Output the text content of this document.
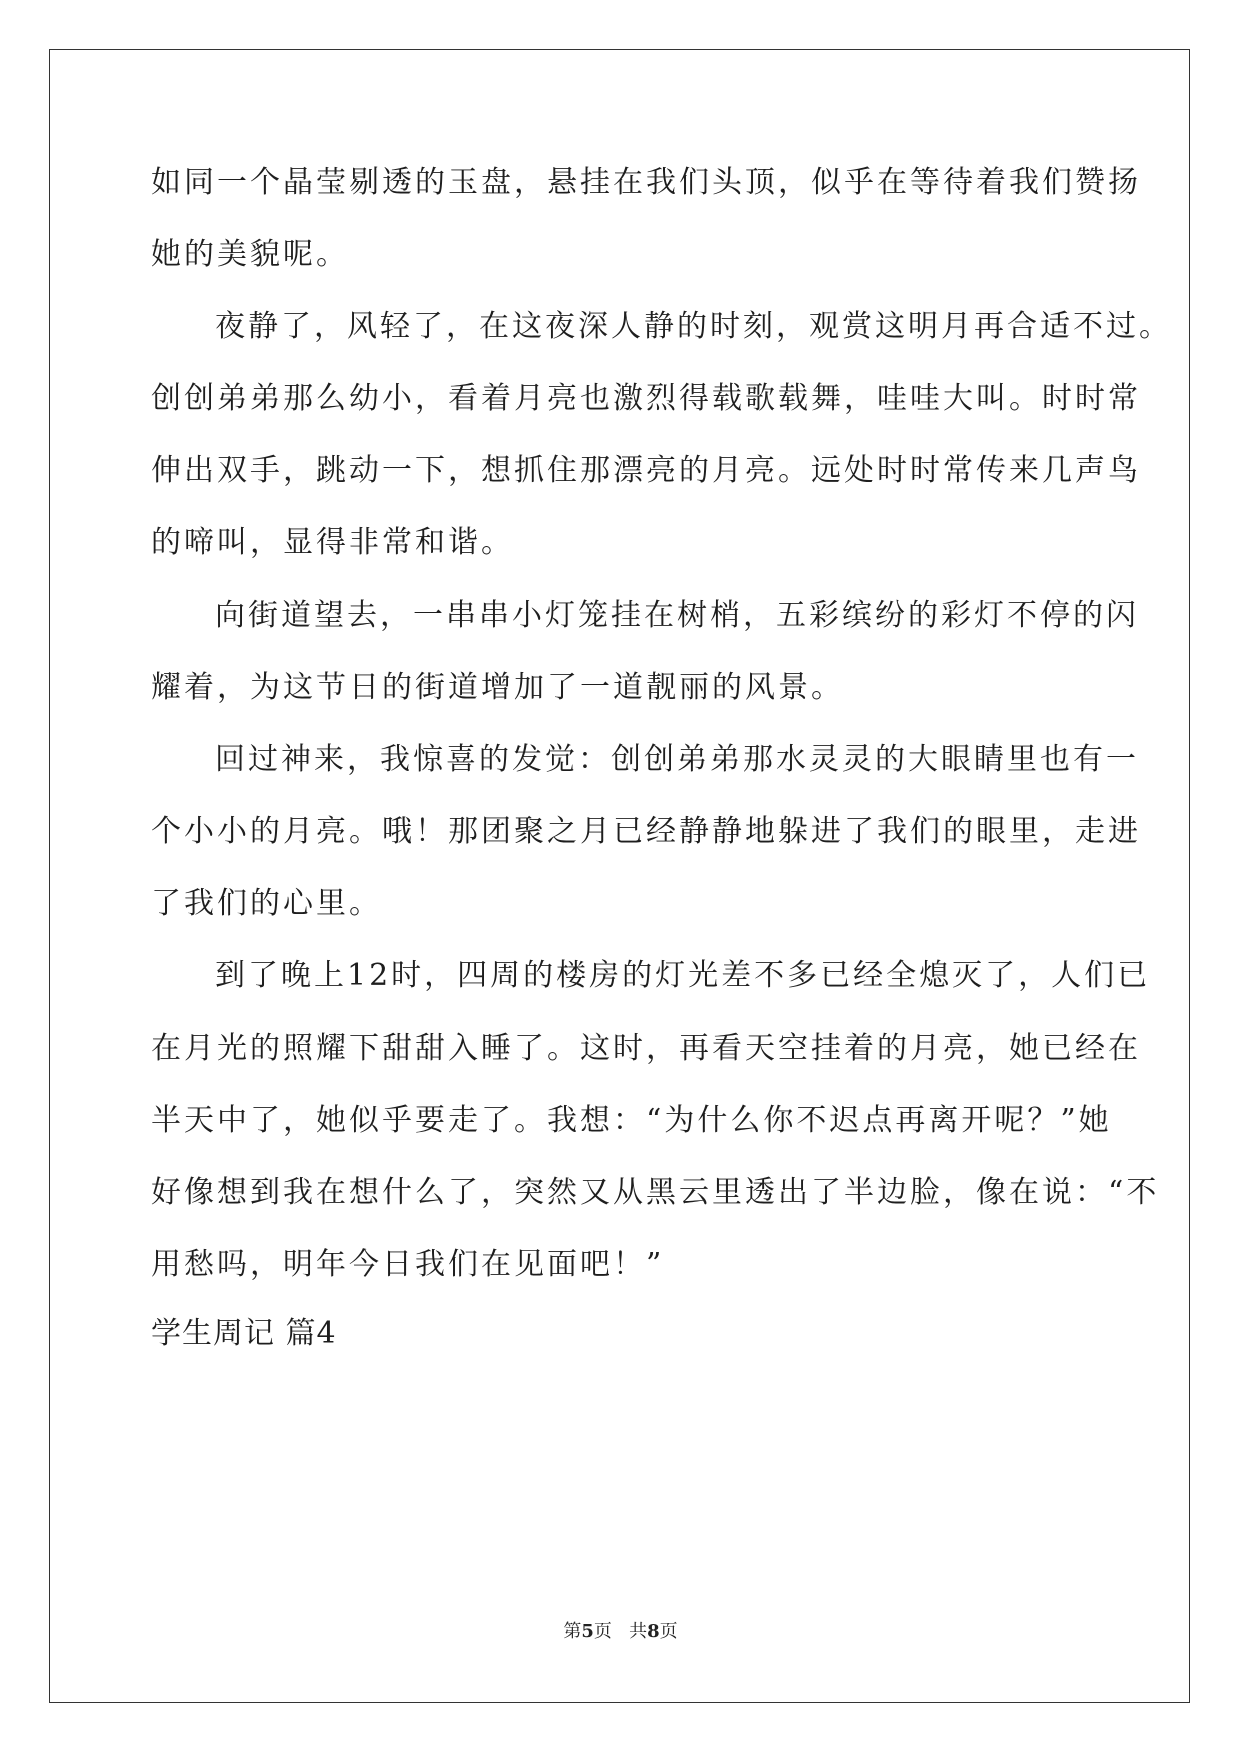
如同一个晶莹剔透的玉盘，悬挂在我们头顶，似乎在等待着我们赞扬
她的美貌呢。
夜静了，风轻了，在这夜深人静的时刻，观赏这明月再合适不过。
创创弟弟那么幼小，看着月亮也激烈得载歌载舞，哇哇大叫。时时常
伸出双手，跳动一下，想抓住那漂亮的月亮。远处时时常传来几声鸟
的啼叫，显得非常和谐。
向街道望去，一串串小灯笼挂在树梢，五彩缤纷的彩灯不停的闪
耀着，为这节日的街道增加了一道靓丽的风景。
回过神来，我惊喜的发觉：创创弟弟那水灵灵的大眼睛里也有一
个小小的月亮。哦！那团聚之月已经静静地躲进了我们的眼里，走进
了我们的心里。
到了晚上12时，四周的楼房的灯光差不多已经全熄灭了，人们已
在月光的照耀下甜甜入睡了。这时，再看天空挂着的月亮，她已经在
半天中了，她似乎要走了。我想：“为什么你不迟点再离开呢？”她
好像想到我在想什么了，突然又从黑云里透出了半边脸，像在说：“不
用愁吗，明年今日我们在见面吧！”
学生周记 篇4
第5页 共8页
